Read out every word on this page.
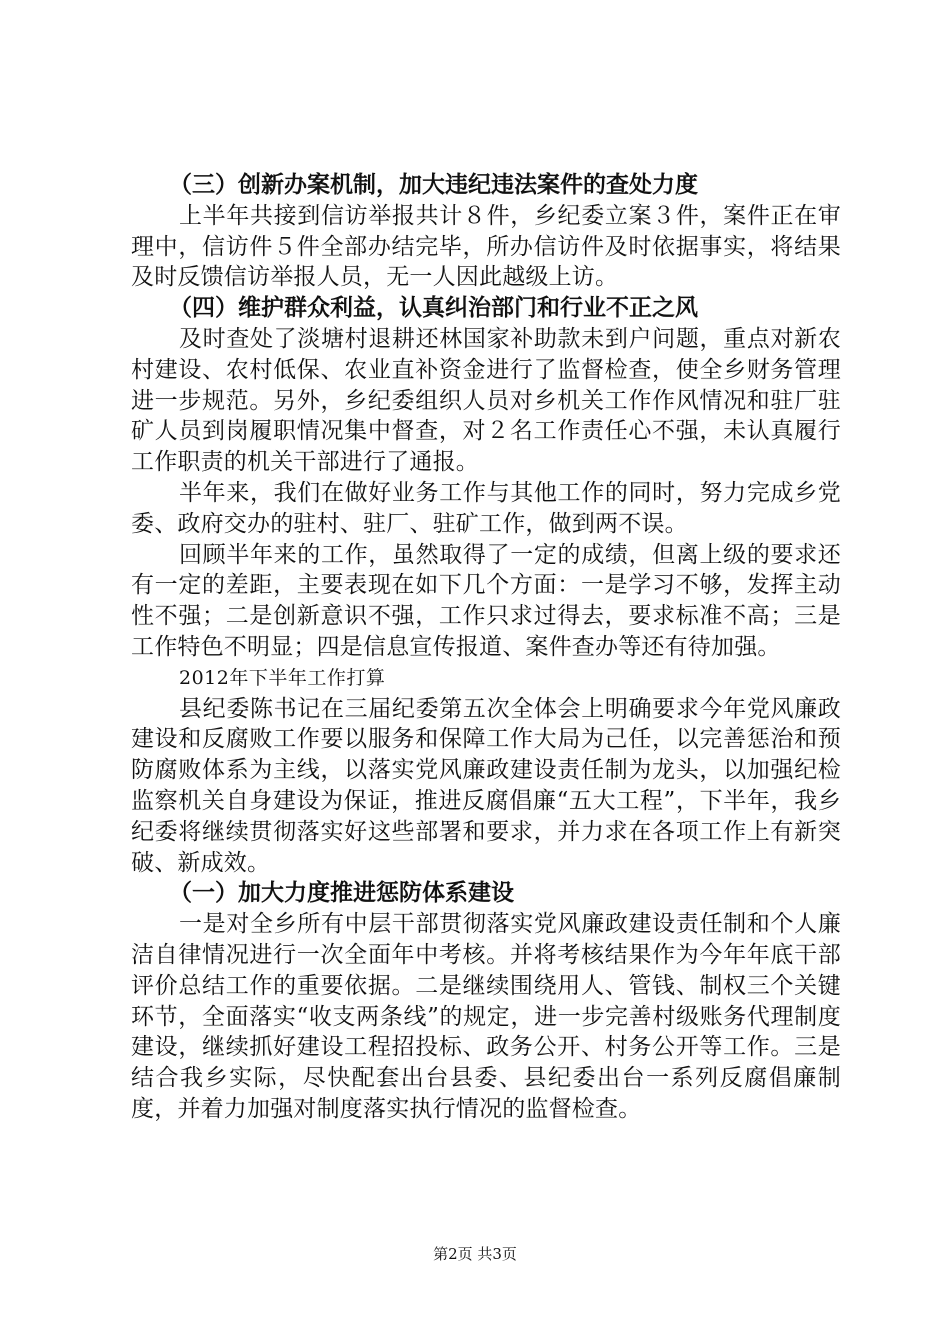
（三）创新办案机制，加大违纪违法案件的查处力度

上半年共接到信访举报共计８件，乡纪委立案３件，案件正在审理中，信访件５件全部办结完毕，所办信访件及时依据事实，将结果及时反馈信访举报人员，无一人因此越级上访。

（四）维护群众利益，认真纠治部门和行业不正之风

及时查处了淡塘村退耕还林国家补助款未到户问题，重点对新农村建设、农村低保、农业直补资金进行了监督检查，使全乡财务管理进一步规范。另外，乡纪委组织人员对乡机关工作作风情况和驻厂驻矿人员到岗履职情况集中督查，对２名工作责任心不强，未认真履行工作职责的机关干部进行了通报。

半年来，我们在做好业务工作与其他工作的同时，努力完成乡党委、政府交办的驻村、驻厂、驻矿工作，做到两不误。

回顾半年来的工作，虽然取得了一定的成绩，但离上级的要求还有一定的差距，主要表现在如下几个方面：一是学习不够，发挥主动性不强；二是创新意识不强，工作只求过得去，要求标准不高；三是工作特色不明显；四是信息宣传报道、案件查办等还有待加强。

2012年下半年工作打算

县纪委陈书记在三届纪委第五次全体会上明确要求今年党风廉政建设和反腐败工作要以服务和保障工作大局为己任，以完善惩治和预防腐败体系为主线，以落实党风廉政建设责任制为龙头，以加强纪检监察机关自身建设为保证，推进反腐倡廉“五大工程”，下半年，我乡纪委将继续贯彻落实好这些部署和要求，并力求在各项工作上有新突破、新成效。

（一）加大力度推进惩防体系建设

一是对全乡所有中层干部贯彻落实党风廉政建设责任制和个人廉洁自律情况进行一次全面年中考核。并将考核结果作为今年年底干部评价总结工作的重要依据。二是继续围绕用人、管钱、制权三个关键环节，全面落实“收支两条线”的规定，进一步完善村级账务代理制度建设，继续抓好建设工程招投标、政务公开、村务公开等工作。三是结合我乡实际，尽快配套出台县委、县纪委出台一系列反腐倡廉制度，并着力加强对制度落实执行情况的监督检查。

第2页 共3页
